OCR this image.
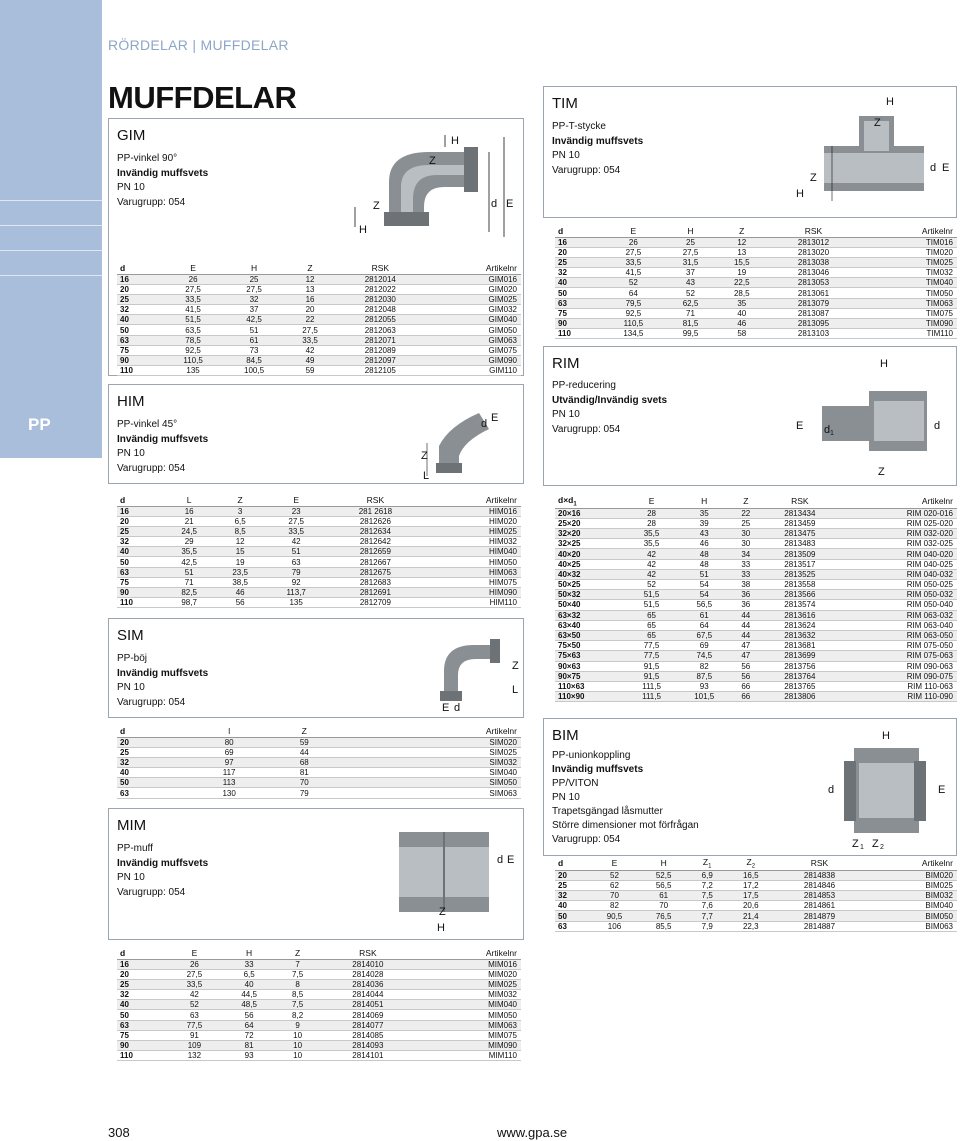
PP
RÖRDELAR | MUFFDELAR
MUFFDELAR
GIM
PP-vinkel 90°
Invändig muffsvets
PN 10
Varugrupp: 054
H
Z
Z
H
d E
d	E	H	Z	RSK	Artikelnr
16	26	25	12	2812014	GIM016
20	27,5	27,5	13	2812022	GIM020
25	33,5	32	16	2812030	GIM025
32	41,5	37	20	2812048	GIM032
40	51,5	42,5	22	2812055	GIM040
50	63,5	51	27,5	2812063	GIM050
63	78,5	61	33,5	2812071	GIM063
75	92,5	73	42	2812089	GIM075
90	110,5	84,5	49	2812097	GIM090
110	135	100,5	59	2812105	GIM110
HIM
PP-vinkel 45°
Invändig muffsvets
PN 10
Varugrupp: 054
Z
L
d E
d	L	Z	E	RSK	Artikelnr
16	16	3	23	281 2618	HIM016
20	21	6,5	27,5	2812626	HIM020
25	24,5	8,5	33,5	2812634	HIM025
32	29	12	42	2812642	HIM032
40	35,5	15	51	2812659	HIM040
50	42,5	19	63	2812667	HIM050
63	51	23,5	79	2812675	HIM063
75	71	38,5	92	2812683	HIM075
90	82,5	46	113,7	2812691	HIM090
110	98,7	56	135	2812709	HIM110
SIM
PP-böj
Invändig muffsvets
PN 10
Varugrupp: 054
Z
L
d
E
d	l	Z	Artikelnr
20	80	59	SIM020
25	69	44	SIM025
32	97	68	SIM032
40	117	81	SIM040
50	113	70	SIM050
63	130	79	SIM063
MIM
PP-muff
Invändig muffsvets
PN 10
Varugrupp: 054
d E
Z
H
d	E	H	Z	RSK	Artikelnr
16	26	33	7	2814010	MIM016
20	27,5	6,5	7,5	2814028	MIM020
25	33,5	40	8	2814036	MIM025
32	42	44,5	8,5	2814044	MIM032
40	52	48,5	7,5	2814051	MIM040
50	63	56	8,2	2814069	MIM050
63	77,5	64	9	2814077	MIM063
75	91	72	10	2814085	MIM075
90	109	81	10	2814093	MIM090
110	132	93	10	2814101	MIM110
TIM
PP-T-stycke
Invändig muffsvets
PN 10
Varugrupp: 054
H
Z
Z
H
d E
d	E	H	Z	RSK	Artikelnr
16	26	25	12	2813012	TIM016
20	27,5	27,5	13	2813020	TIM020
25	33,5	31,5	15,5	2813038	TIM025
32	41,5	37	19	2813046	TIM032
40	52	43	22,5	2813053	TIM040
50	64	52	28,5	2813061	TIM050
63	79,5	62,5	35	2813079	TIM063
75	92,5	71	40	2813087	TIM075
90	110,5	81,5	46	2813095	TIM090
110	134,5	99,5	58	2813103	TIM110
RIM
PP-reducering
Utvändig/Invändig svets
PN 10
Varugrupp: 054
H
E d 1
d
Z
$d\times d_1$	E	H	Z	RSK	Artikelnr
20×16	28	35	22	2813434	RIM 020-016
25×20	28	39	25	2813459	RIM 025-020
32×20	35,5	43	30	2813475	RIM 032-020
32×25	35,5	46	30	2813483	RIM 032-025
40×20	42	48	34	2813509	RIM 040-020
40×25	42	48	33	2813517	RIM 040-025
40×32	42	51	33	2813525	RIM 040-032
50×25	52	54	38	2813558	RIM 050-025
50×32	51,5	54	36	2813566	RIM 050-032
50×40	51,5	56,5	36	2813574	RIM 050-040
63×32	65	61	44	2813616	RIM 063-032
63×40	65	64	44	2813624	RIM 063-040
63×50	65	67,5	44	2813632	RIM 063-050
75×50	77,5	69	47	2813681	RIM 075-050
75×63	77,5	74,5	47	2813699	RIM 075-063
90×63	91,5	82	56	2813756	RIM 090-063
90×75	91,5	87,5	56	2813764	RIM 090-075
110×63	111,5	93	66	2813765	RIM 110-063
110×90	111,5	101,5	66	2813806	RIM 110-090
BIM
PP-unionkoppling
Invändig muffsvets
PP/VITON
PN 10
Trapetsgängad låsmutter
Större dimensioner mot förfrågan
Varugrupp: 054
H
d	E
Z 1 Z 2
d	E	H	$Z_1$	$Z_2$	RSK	Artikelnr
20	52	52,5	6,9	16,5	2814838	BIM020
25	62	56,5	7,2	17,2	2814846	BIM025
32	70	61	7,5	17,5	2814853	BIM032
40	82	70	7,6	20,6	2814861	BIM040
50	90,5	76,5	7,7	21,4	2814879	BIM050
63	106	85,5	7,9	22,3	2814887	BIM063
308	www.gpa.se
